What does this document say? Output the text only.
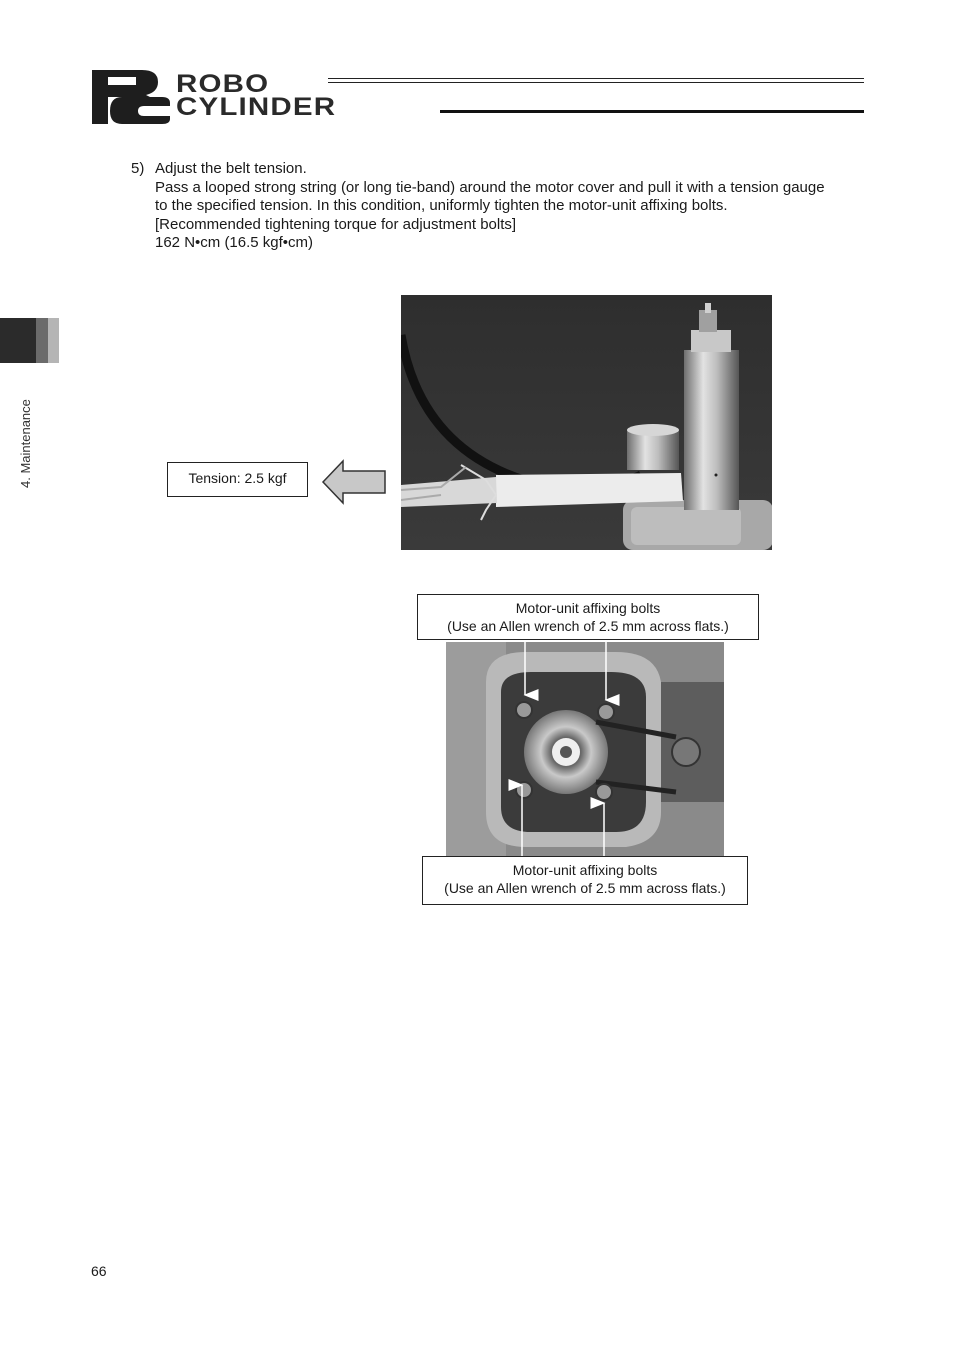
ROBO
CYLINDER
4. Maintenance
5) Adjust the belt tension.
Pass a looped strong string (or long tie-band) around the motor cover and pull it with a tension gauge
to the specified tension. In this condition, uniformly tighten the motor-unit affixing bolts.
[Recommended tightening torque for adjustment bolts]
162 N•cm (16.5 kgf•cm)
Tension: 2.5 kgf
Motor-unit affixing bolts
(Use an Allen wrench of 2.5 mm across flats.)
Motor-unit affixing bolts
(Use an Allen wrench of 2.5 mm across flats.)
66
